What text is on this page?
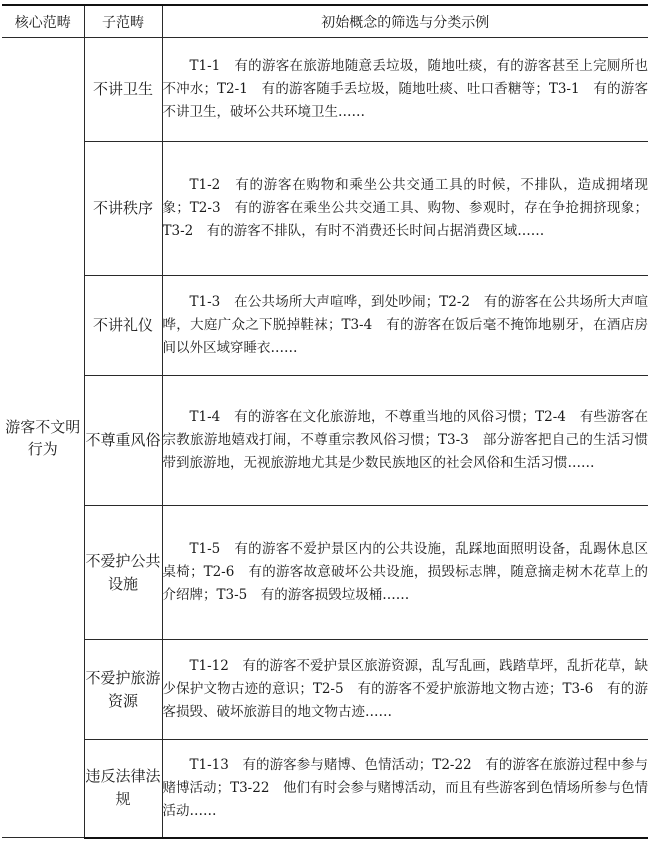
核心范畴	子范畴	初始概念的筛选与分类示例
游客不文明行为	不讲卫生	T1-1　有的游客在旅游地随意丢垃圾，随地吐痰，有的游客甚至上完厕所也不冲水；T2-1　有的游客随手丢垃圾，随地吐痰、吐口香糖等；T3-1　有的游客不讲卫生，破坏公共环境卫生……

	不讲秩序	T1-2　有的游客在购物和乘坐公共交通工具的时候，不排队，造成拥堵现象；T2-3　有的游客在乘坐公共交通工具、购物、参观时，存在争抢拥挤现象；T3-2　有的游客不排队，有时不消费还长时间占据消费区域……

	不讲礼仪	T1-3　在公共场所大声喧哗，到处吵闹；T2-2　有的游客在公共场所大声喧哗，大庭广众之下脱掉鞋袜；T3-4　有的游客在饭后毫不掩饰地剔牙，在酒店房间以外区域穿睡衣……

	不尊重风俗	T1-4　有的游客在文化旅游地，不尊重当地的风俗习惯；T2-4　有些游客在宗教旅游地嬉戏打闹，不尊重宗教风俗习惯；T3-3　部分游客把自己的生活习惯带到旅游地，无视旅游地尤其是少数民族地区的社会风俗和生活习惯……

	不爱护公共设施	T1-5　有的游客不爱护景区内的公共设施，乱踩地面照明设备，乱踢休息区桌椅；T2-6　有的游客故意破坏公共设施，损毁标志牌，随意摘走树木花草上的介绍牌；T3-5　有的游客损毁垃圾桶……

	不爱护旅游资源	T1-12　有的游客不爱护景区旅游资源，乱写乱画，践踏草坪，乱折花草，缺少保护文物古迹的意识；T2-5　有的游客不爱护旅游地文物古迹；T3-6　有的游客损毁、破坏旅游目的地文物古迹……

	违反法律法规	T1-13　有的游客参与赌博、色情活动；T2-22　有的游客在旅游过程中参与赌博活动；T3-22　他们有时会参与赌博活动，而且有些游客到色情场所参与色情活动……
